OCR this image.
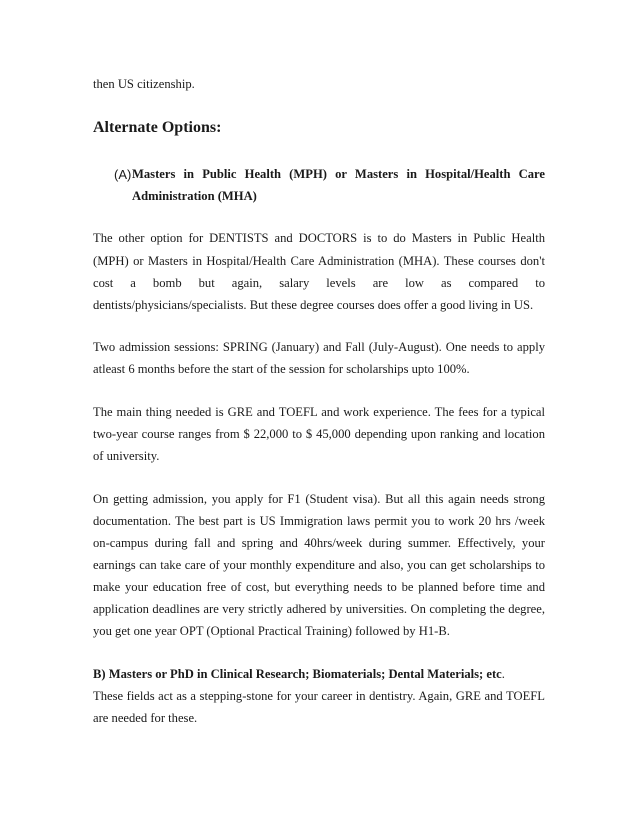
then US citizenship.

Alternate Options:
(A) Masters in Public Health (MPH) or Masters in Hospital/Health Care

Administration (MHA)

The other option for DENTISTS and DOCTORS is to do Masters in Public Health

(MPH) or Masters in Hospital/Health Care Administration (MHA). These courses don't

cost a bomb but again, salary levels are low as compared to

dentists/physicians/specialists. But these degree courses does offer a good living in US.

Two admission sessions: SPRING (January) and Fall (July-August). One needs to apply

atleast 6 months before the start of the session for scholarships upto 100%.

The main thing needed is GRE and TOEFL and work experience. The fees for a typical

two-year course ranges from $ 22,000 to $ 45,000 depending upon ranking and location

of university.

On getting admission, you apply for F1 (Student visa). But all this again needs strong

documentation. The best part is US Immigration laws permit you to work 20 hrs /week

on-campus during fall and spring and 40hrs/week during summer. Effectively, your

earnings can take care of your monthly expenditure and also, you can get scholarships to

make your education free of cost, but everything needs to be planned before time and

application deadlines are very strictly adhered by universities. On completing the degree,

you get one year OPT (Optional Practical Training) followed by H1-B.

B) Masters or PhD in Clinical Research; Biomaterials; Dental Materials; etc.

These fields act as a stepping-stone for your career in dentistry. Again, GRE and TOEFL

are needed for these.
